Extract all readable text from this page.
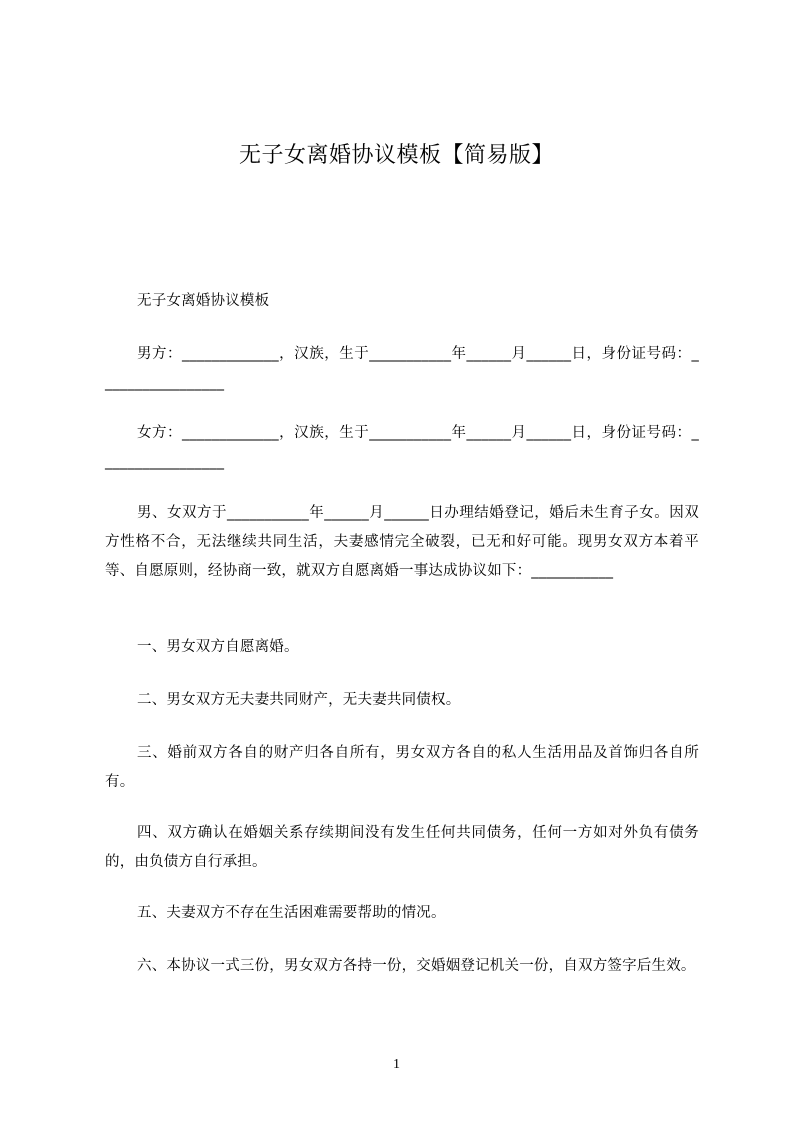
无子女离婚协议模板【简易版】

无子女离婚协议模板

男方：_____________，汉族，生于___________年______月______日，身份证号码：_________________

女方：_____________，汉族，生于___________年______月______日，身份证号码：_________________

男、女双方于___________年______月______日办理结婚登记，婚后未生育子女。因双方性格不合，无法继续共同生活，夫妻感情完全破裂，已无和好可能。现男女双方本着平等、自愿原则，经协商一致，就双方自愿离婚一事达成协议如下：___________

一、男女双方自愿离婚。

二、男女双方无夫妻共同财产，无夫妻共同债权。

三、婚前双方各自的财产归各自所有，男女双方各自的私人生活用品及首饰归各自所有。

四、双方确认在婚姻关系存续期间没有发生任何共同债务，任何一方如对外负有债务的，由负债方自行承担。

五、夫妻双方不存在生活困难需要帮助的情况。

六、本协议一式三份，男女双方各持一份，交婚姻登记机关一份，自双方签字后生效。

1
